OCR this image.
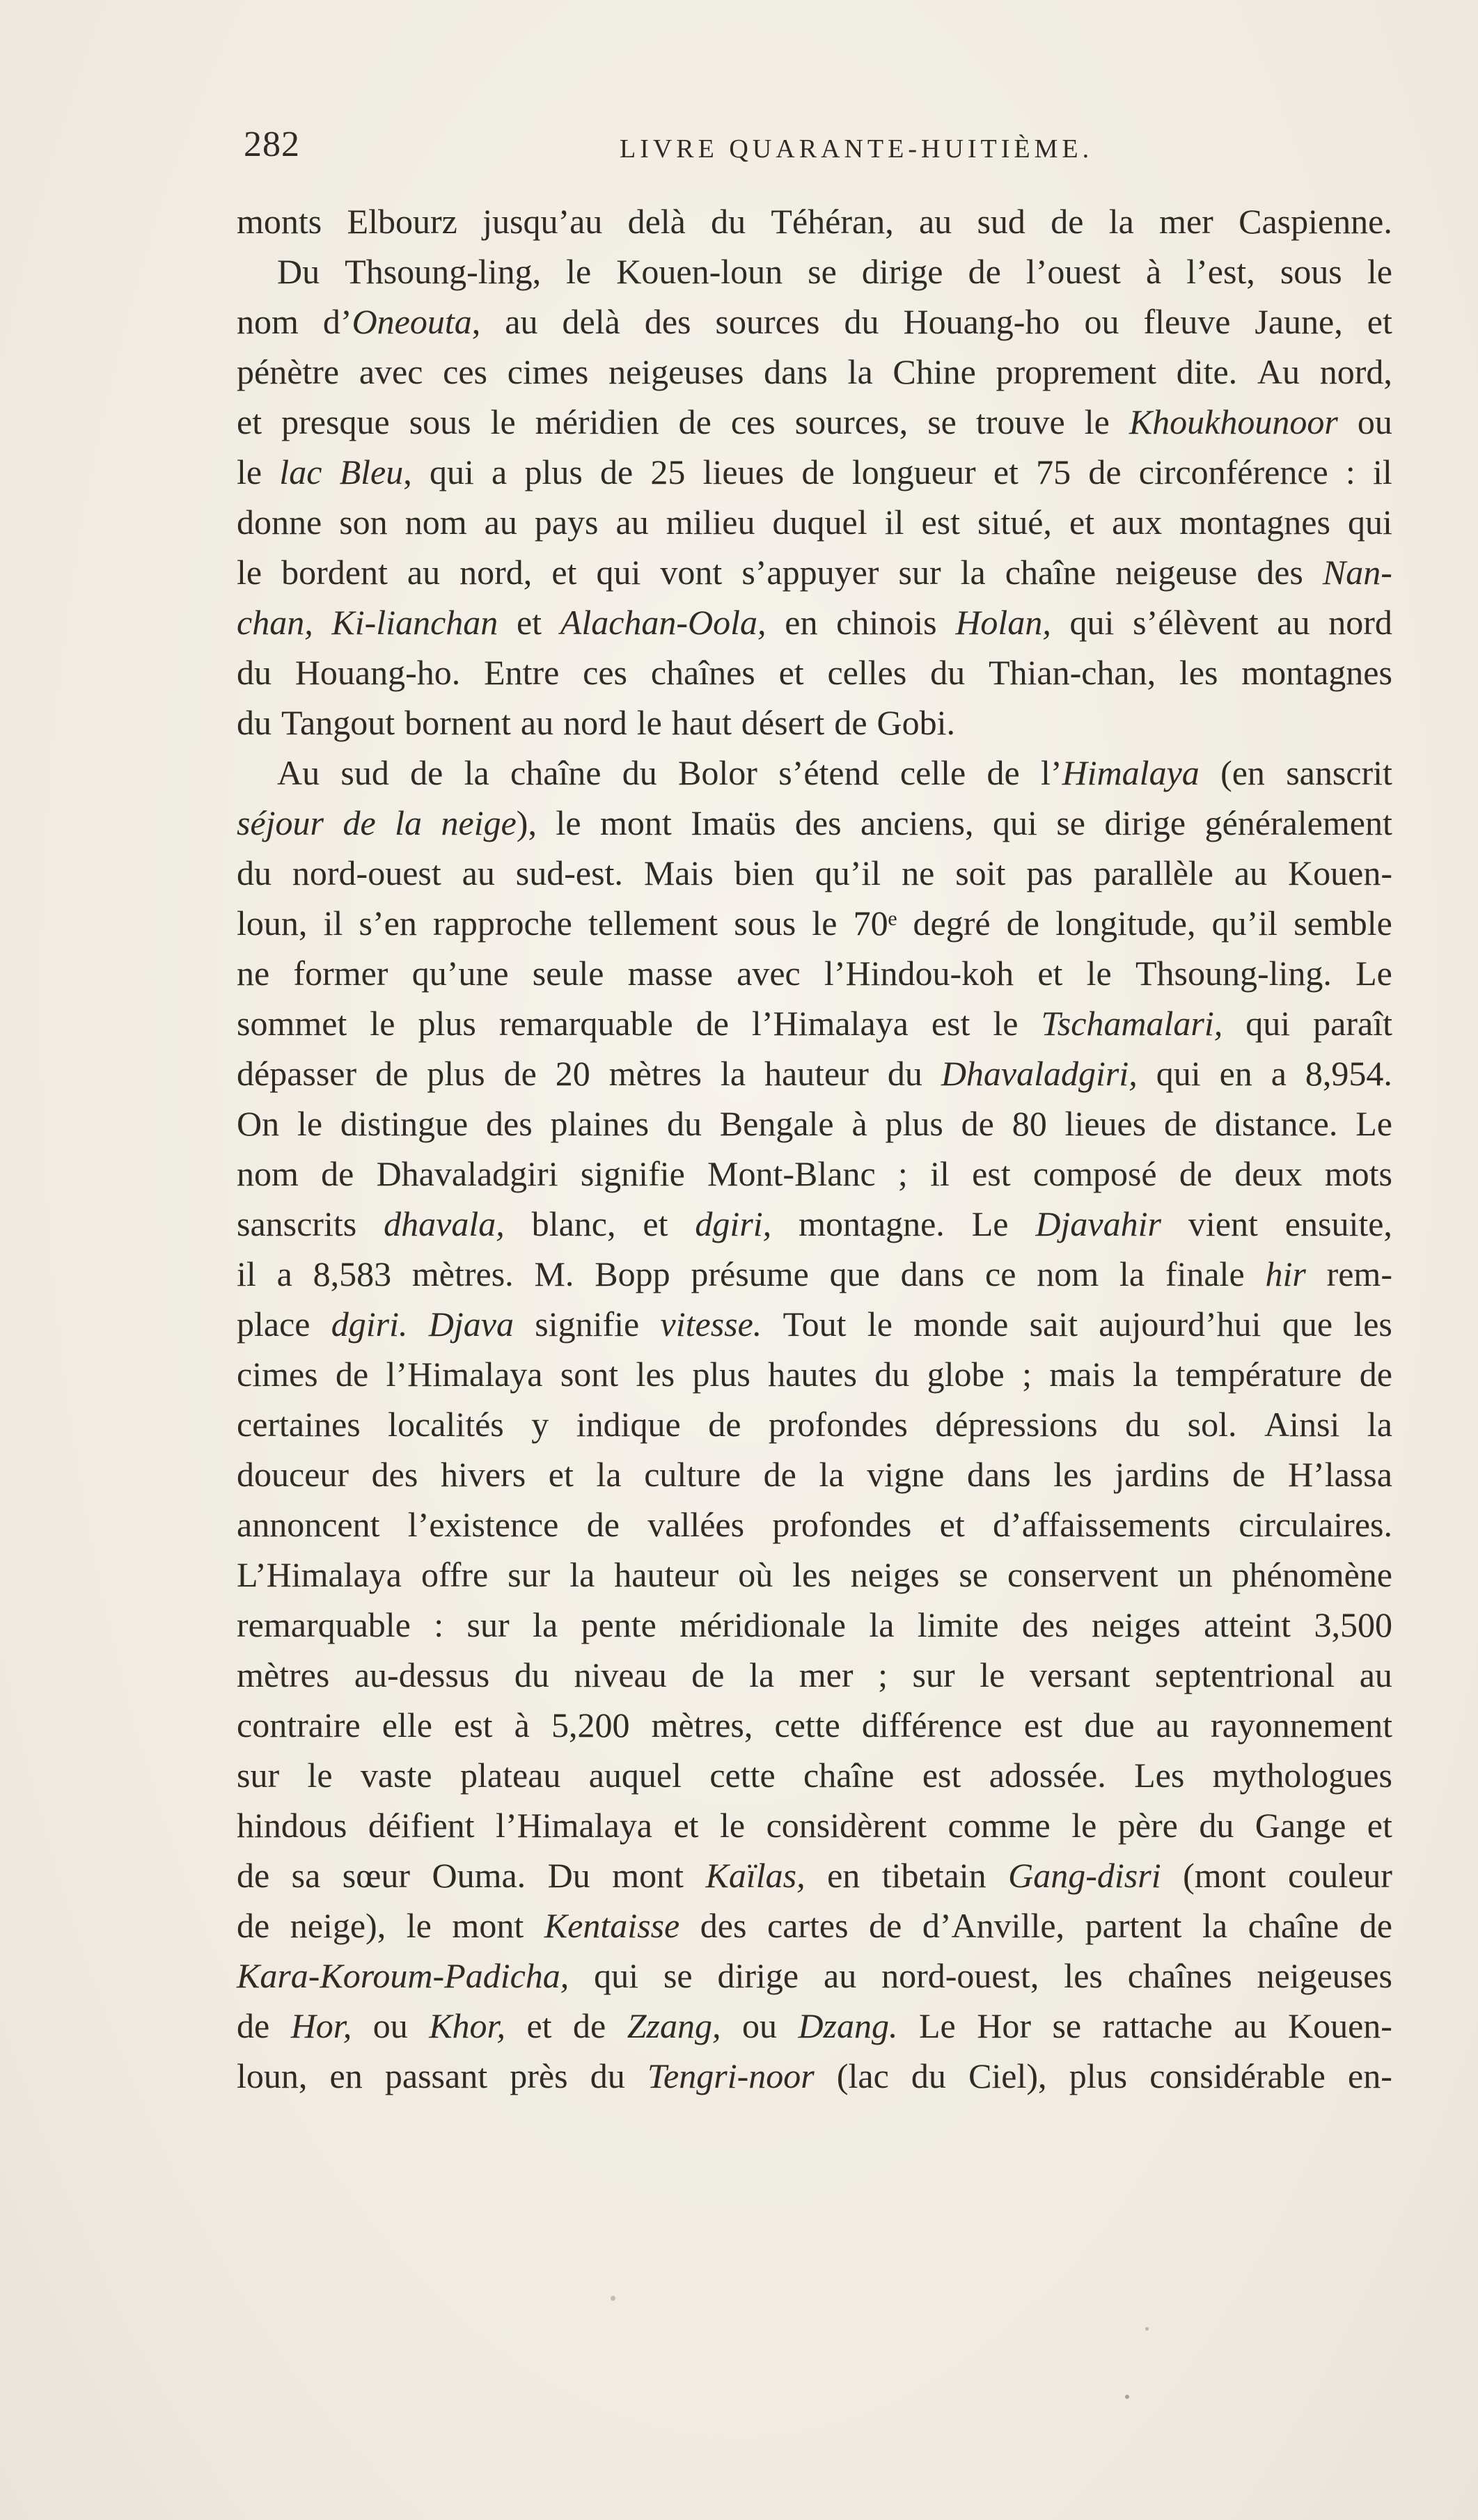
282	LIVRE QUARANTE-HUITIÈME.
monts Elbourz jusqu’au delà du Téhéran, au sud de la mer Caspienne.
Du Thsoung-ling, le Kouen-loun se dirige de l’ouest à l’est, sous le
nom d’Oneouta, au delà des sources du Houang-ho ou fleuve Jaune, et
pénètre avec ces cimes neigeuses dans la Chine proprement dite. Au nord,
et presque sous le méridien de ces sources, se trouve le Khoukhounoor ou
le lac Bleu, qui a plus de 25 lieues de longueur et 75 de circonférence : il
donne son nom au pays au milieu duquel il est situé, et aux montagnes qui
le bordent au nord, et qui vont s’appuyer sur la chaîne neigeuse des Nan-
chan, Ki-lianchan et Alachan-Oola, en chinois Holan, qui s’élèvent au nord
du Houang-ho. Entre ces chaînes et celles du Thian-chan, les montagnes
du Tangout bornent au nord le haut désert de Gobi.
Au sud de la chaîne du Bolor s’étend celle de l’Himalaya (en sanscrit
séjour de la neige), le mont Imaüs des anciens, qui se dirige généralement
du nord-ouest au sud-est. Mais bien qu’il ne soit pas parallèle au Kouen-
loun, il s’en rapproche tellement sous le 70ᵉ degré de longitude, qu’il semble
ne former qu’une seule masse avec l’Hindou-koh et le Thsoung-ling. Le
sommet le plus remarquable de l’Himalaya est le Tschamalari, qui paraît
dépasser de plus de 20 mètres la hauteur du Dhavaladgiri, qui en a 8,954.
On le distingue des plaines du Bengale à plus de 80 lieues de distance. Le
nom de Dhavaladgiri signifie Mont-Blanc ; il est composé de deux mots
sanscrits dhavala, blanc, et dgiri, montagne. Le Djavahir vient ensuite,
il a 8,583 mètres. M. Bopp présume que dans ce nom la finale hir rem-
place dgiri. Djava signifie vitesse. Tout le monde sait aujourd’hui que les
cimes de l’Himalaya sont les plus hautes du globe ; mais la température de
certaines localités y indique de profondes dépressions du sol. Ainsi la
douceur des hivers et la culture de la vigne dans les jardins de H’lassa
annoncent l’existence de vallées profondes et d’affaissements circulaires.
L’Himalaya offre sur la hauteur où les neiges se conservent un phénomène
remarquable : sur la pente méridionale la limite des neiges atteint 3,500
mètres au-dessus du niveau de la mer ; sur le versant septentrional au
contraire elle est à 5,200 mètres, cette différence est due au rayonnement
sur le vaste plateau auquel cette chaîne est adossée. Les mythologues
hindous déifient l’Himalaya et le considèrent comme le père du Gange et
de sa sœur Ouma. Du mont Kaïlas, en tibetain Gang-disri (mont couleur
de neige), le mont Kentaisse des cartes de d’Anville, partent la chaîne de
Kara-Koroum-Padicha, qui se dirige au nord-ouest, les chaînes neigeuses
de Hor, ou Khor, et de Zzang, ou Dzang. Le Hor se rattache au Kouen-
loun, en passant près du Tengri-noor (lac du Ciel), plus considérable en-
